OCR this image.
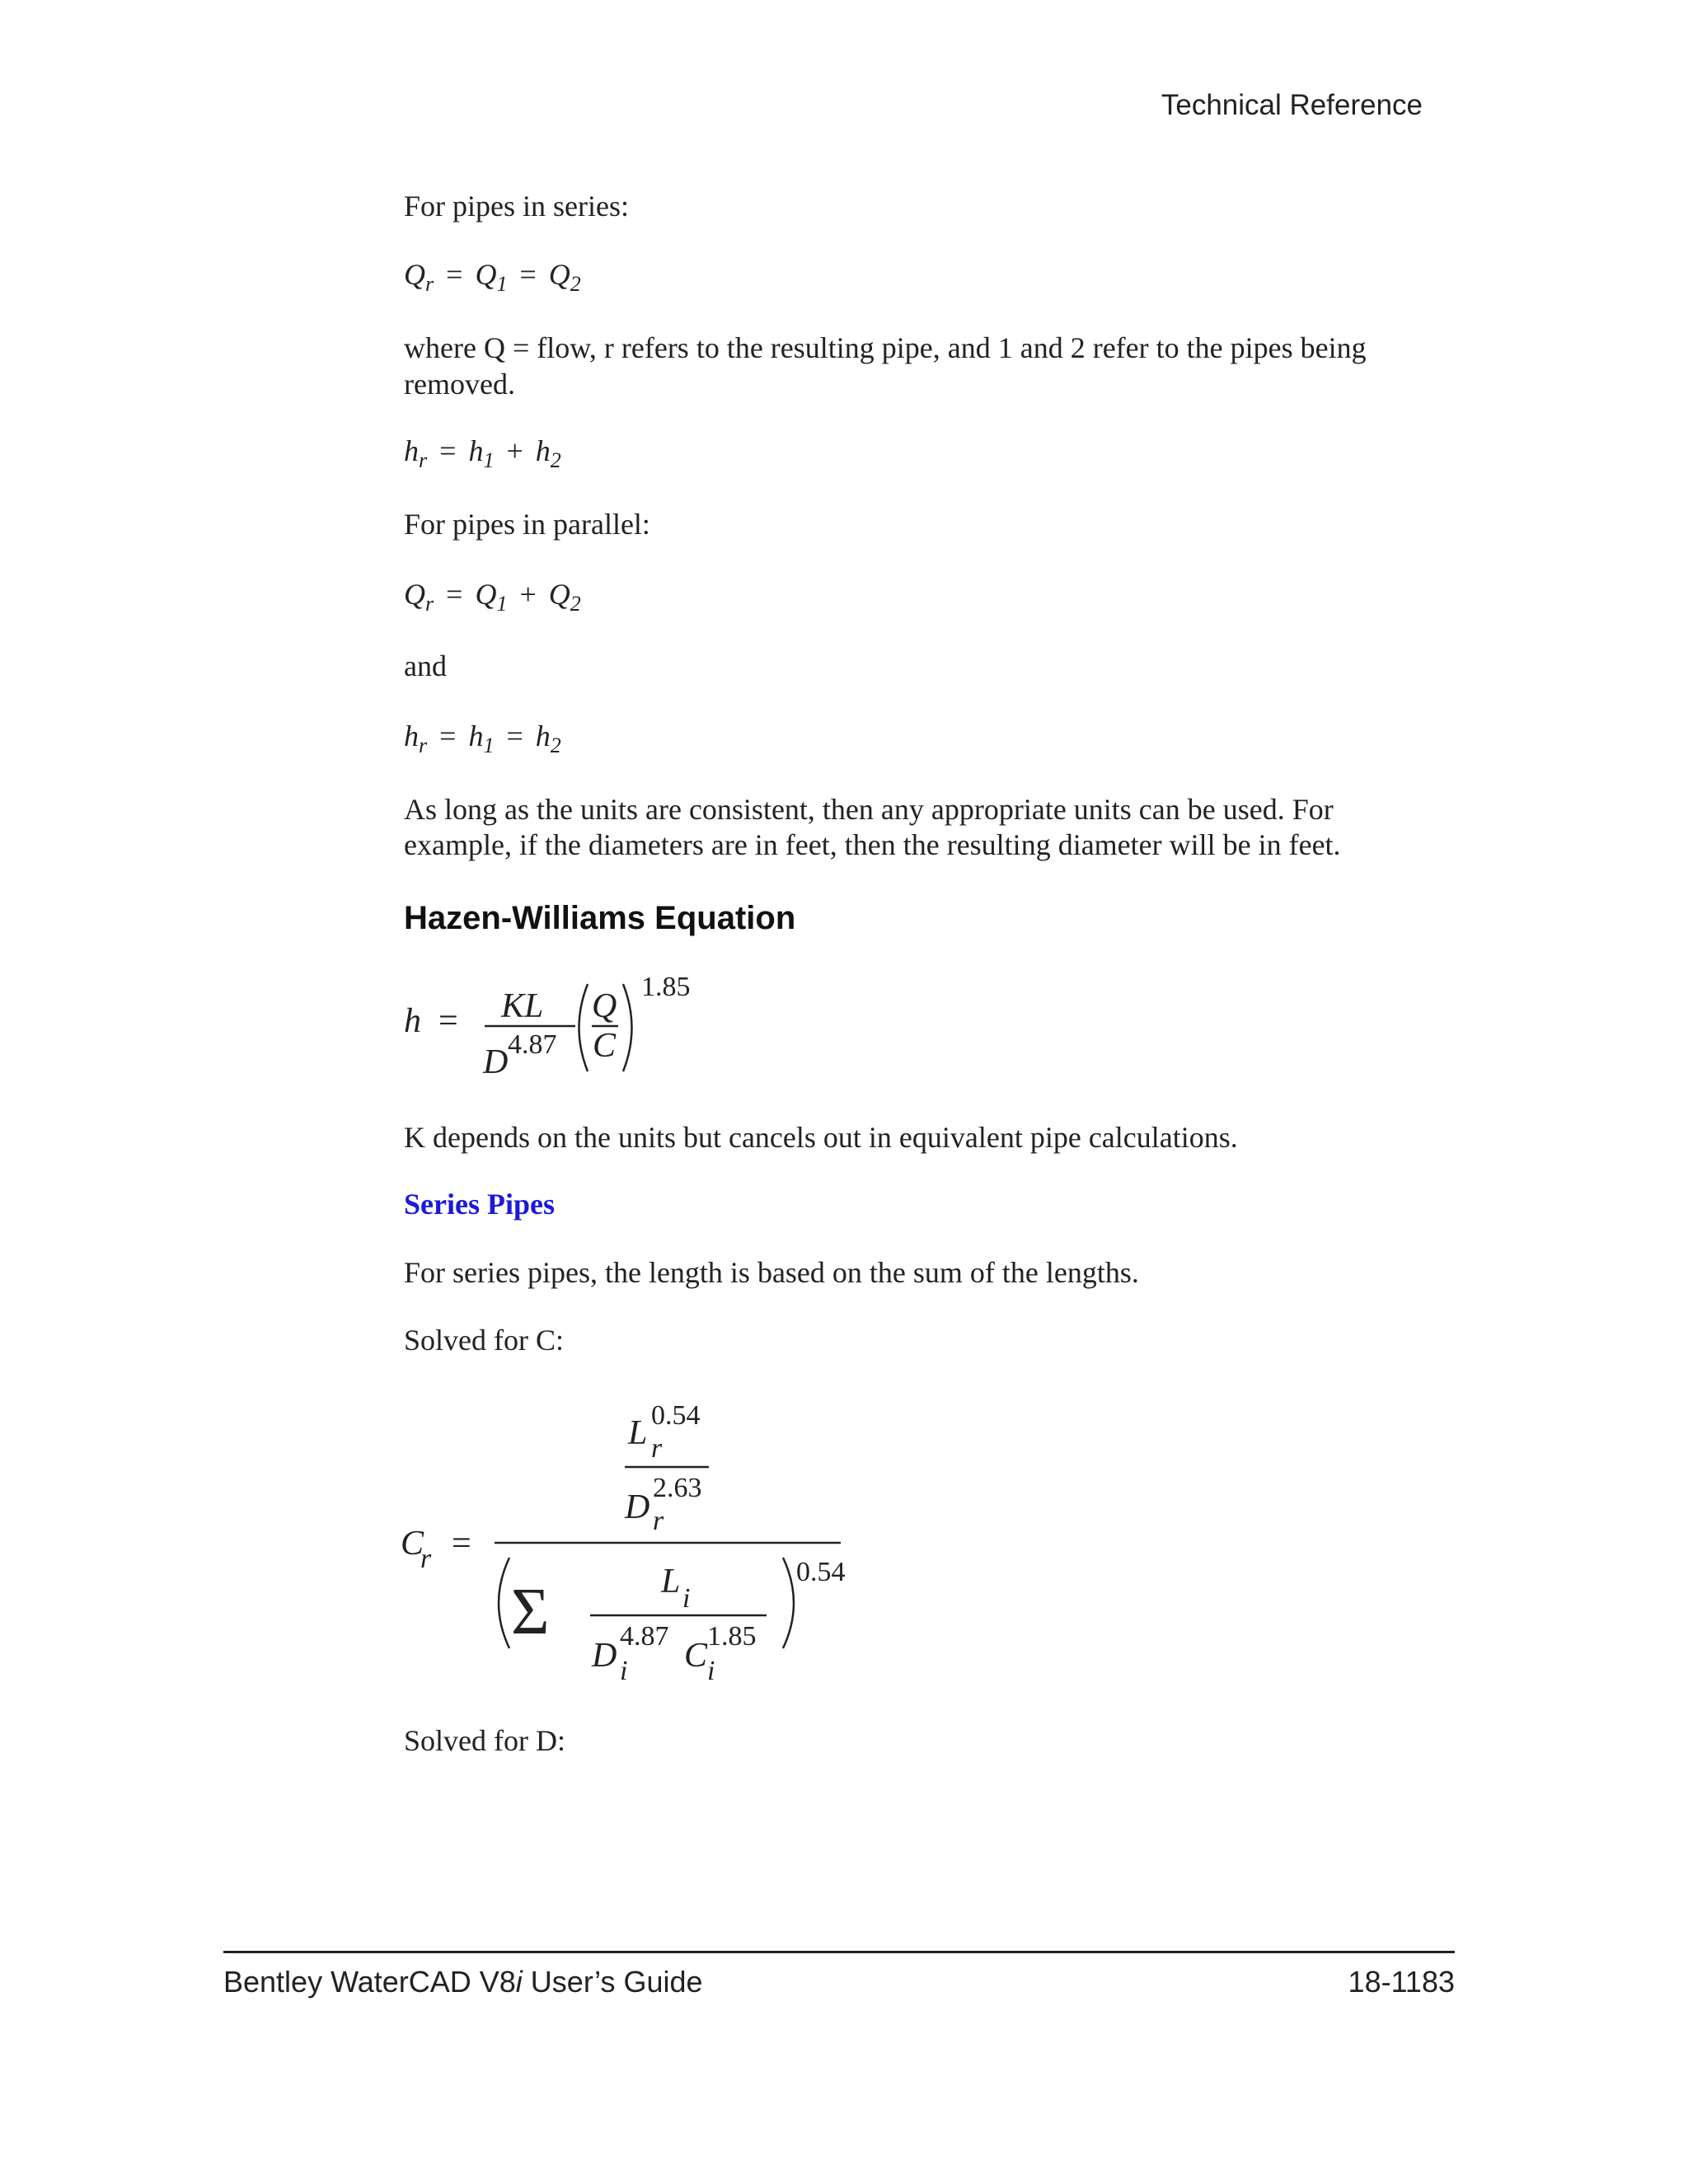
Technical Reference
For pipes in series:
$Q_r = Q_1 = Q_2$
where Q = flow, r refers to the resulting pipe, and 1 and 2 refer to the pipes being removed.
$h_r = h_1 + h_2$
For pipes in parallel:
$Q_r = Q_1 + Q_2$
and
$h_r = h_1 = h_2$
As long as the units are consistent, then any appropriate units can be used. For
example, if the diameters are in feet, then the resulting diameter will be in feet.
Hazen-Williams Equation
h = KL
D 4.87
Q
C
1.85
K depends on the units but cancels out in equivalent pipe calculations.
Series Pipes
For series pipes, the length is based on the sum of the lengths.
Solved for C:
C
r =
L 0.54
r
D
2.63
r
Σ	L i
D
4.87
i C
1.85
i
0.54
Solved for D:
Bentley WaterCAD V8i User’s Guide	18-1183
